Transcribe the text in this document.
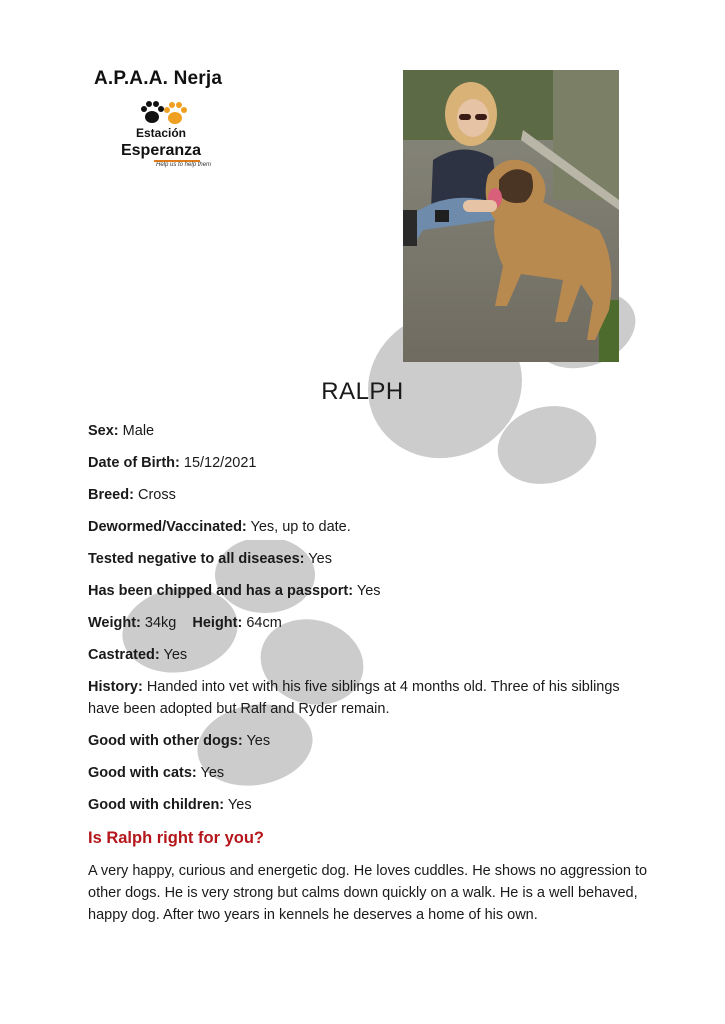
A.P.A.A. Nerja
Estación
Esperanza
Help us to help them
RALPH

Sex: Male

Date of Birth: 15/12/2021

Breed: Cross

Dewormed/Vaccinated: Yes, up to date.

Tested negative to all diseases: Yes

Has been chipped and has a passport: Yes

Weight: 34kg Height: 64cm

Castrated: Yes

History: Handed into vet with his five siblings at 4 months old. Three of his siblings have been adopted but Ralf and Ryder remain.

Good with other dogs: Yes

Good with cats: Yes

Good with children: Yes

Is Ralph right for you?

A very happy, curious and energetic dog. He loves cuddles. He shows no aggression to other dogs. He is very strong but calms down quickly on a walk. He is a well behaved, happy dog. After two years in kennels he deserves a home of his own.
